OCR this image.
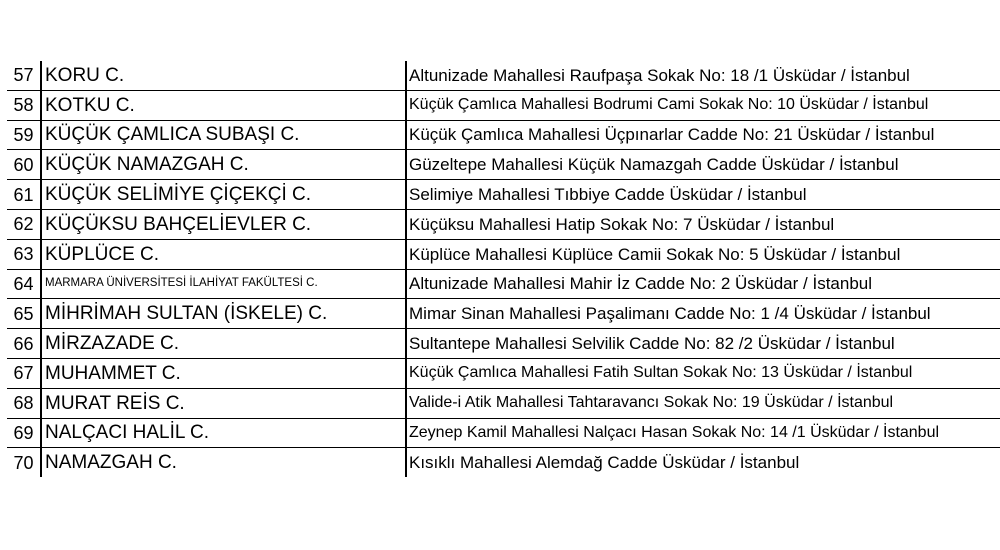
57	KORU C.	Altunizade Mahallesi Raufpaşa Sokak No: 18 /1 Üsküdar / İstanbul
58	KOTKU C.	Küçük Çamlıca Mahallesi Bodrumi Cami Sokak No: 10 Üsküdar / İstanbul
59	KÜÇÜK ÇAMLICA SUBAŞI C.	Küçük Çamlıca Mahallesi Üçpınarlar Cadde No: 21 Üsküdar / İstanbul
60	KÜÇÜK NAMAZGAH C.	Güzeltepe Mahallesi Küçük Namazgah Cadde Üsküdar / İstanbul
61	KÜÇÜK SELİMİYE ÇİÇEKÇİ C.	Selimiye Mahallesi Tıbbiye Cadde Üsküdar / İstanbul
62	KÜÇÜKSU BAHÇELİEVLER C.	Küçüksu Mahallesi Hatip Sokak No: 7 Üsküdar / İstanbul
63	KÜPLÜCE C.	Küplüce Mahallesi Küplüce Camii Sokak No: 5 Üsküdar / İstanbul
64	MARMARA ÜNİVERSİTESİ İLAHİYAT FAKÜLTESİ C.	Altunizade Mahallesi Mahir İz Cadde No: 2 Üsküdar / İstanbul
65	MİHRİMAH SULTAN (İSKELE) C.	Mimar Sinan Mahallesi Paşalimanı Cadde No: 1 /4 Üsküdar / İstanbul
66	MİRZAZADE C.	Sultantepe Mahallesi Selvilik Cadde No: 82 /2 Üsküdar / İstanbul
67	MUHAMMET C.	Küçük Çamlıca Mahallesi Fatih Sultan Sokak No: 13 Üsküdar / İstanbul
68	MURAT REİS C.	Valide-i Atik Mahallesi Tahtaravancı Sokak No: 19 Üsküdar / İstanbul
69	NALÇACI HALİL C.	Zeynep Kamil Mahallesi Nalçacı Hasan Sokak No: 14 /1 Üsküdar / İstanbul
70	NAMAZGAH C.	Kısıklı Mahallesi Alemdağ Cadde Üsküdar / İstanbul
